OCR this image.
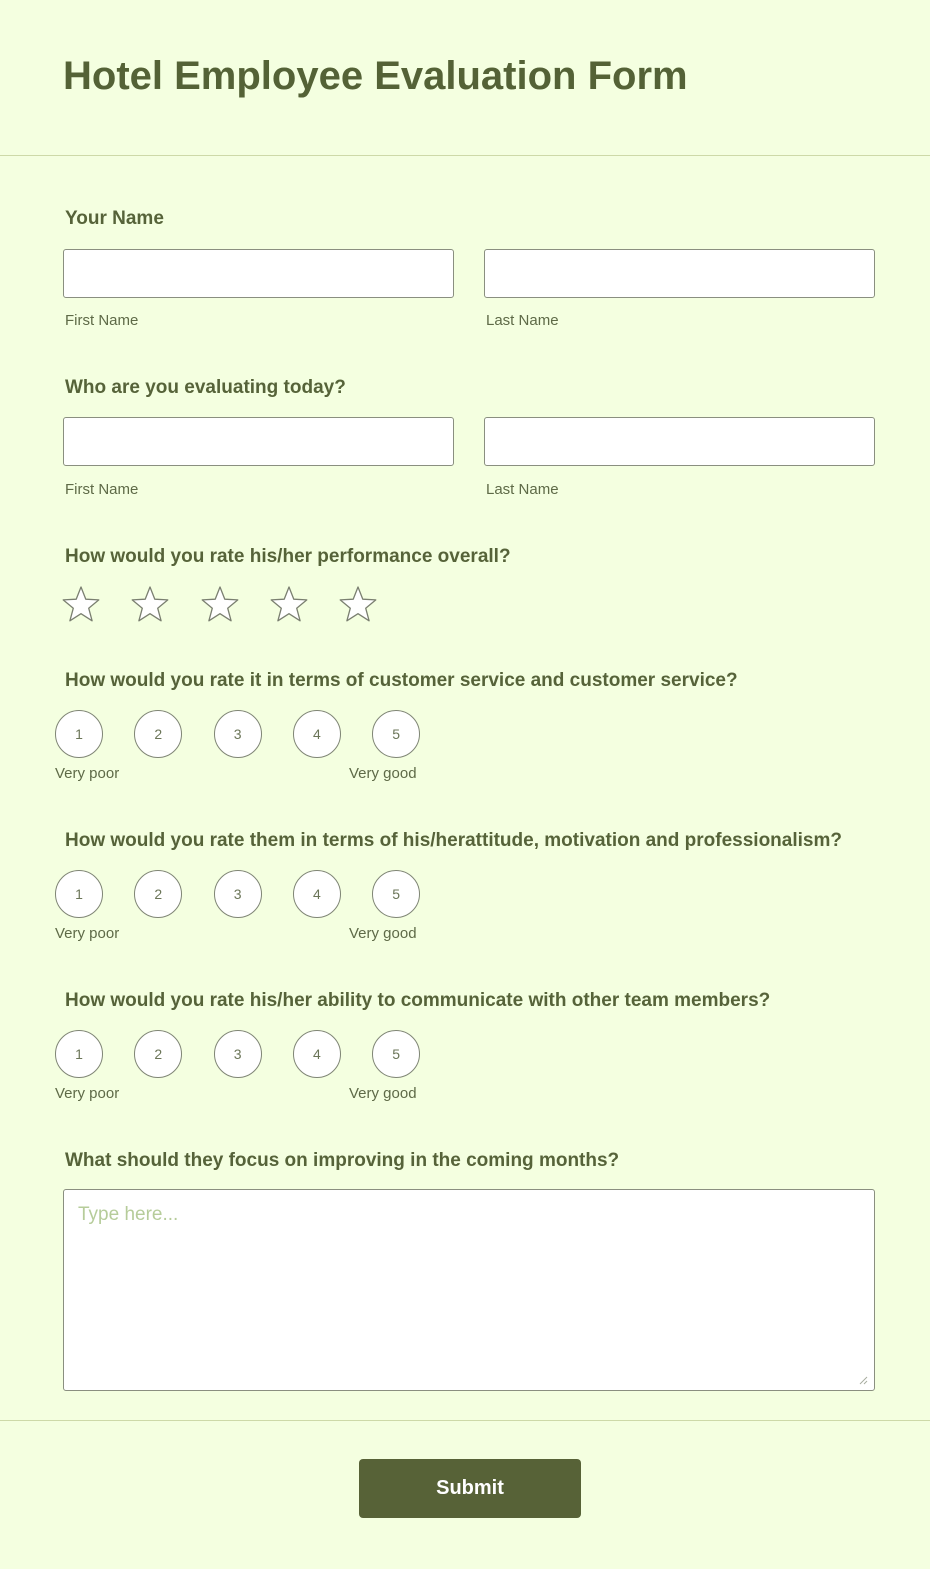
Hotel Employee Evaluation Form
Your Name
First Name	Last Name
Who are you evaluating today?
First Name	Last Name
How would you rate his/her performance overall?
How would you rate it in terms of customer service and customer service?
1	2	3	4	5
Very poor	Very good
How would you rate them in terms of his/herattitude, motivation and professionalism?
1	2	3	4	5
Very poor	Very good
How would you rate his/her ability to communicate with other team members?
1	2	3	4	5
Very poor	Very good
What should they focus on improving in the coming months?
Type here...
Submit
